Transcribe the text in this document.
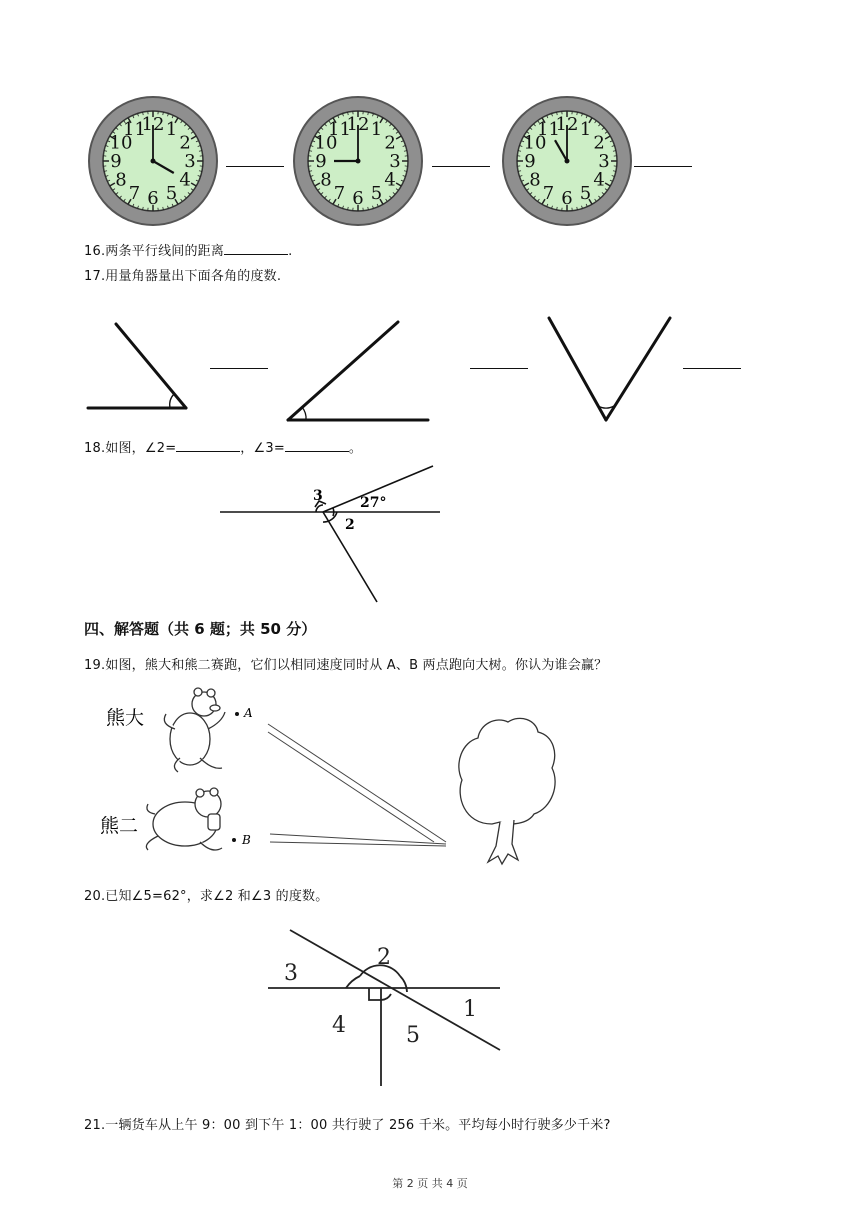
12 1
2
3
4
5
6
7
8
9
10
11	12 1
2
3
4
5
6
7
8
9
10
11	12 1
2
3
4
5
6
7
8
9
10
11
16.两条平行线间的距离	.
17.用量角器量出下面各角的度数.
18.如图，∠2=	，∠3=	。
3
2
27°
四、解答题（共 6 题；共 50 分）
19.如图，熊大和熊二赛跑，它们以相同速度同时从 A、B 两点跑向大树。你认为谁会赢？
熊大
熊二
A
B
20.已知∠5=62°，求∠2 和∠3 的度数。
1
2
3
4	5
21.一辆货车从上午 9：00 到下午 1：00 共行驶了 256 千米。平均每小时行驶多少千米?
第 2 页 共 4 页
